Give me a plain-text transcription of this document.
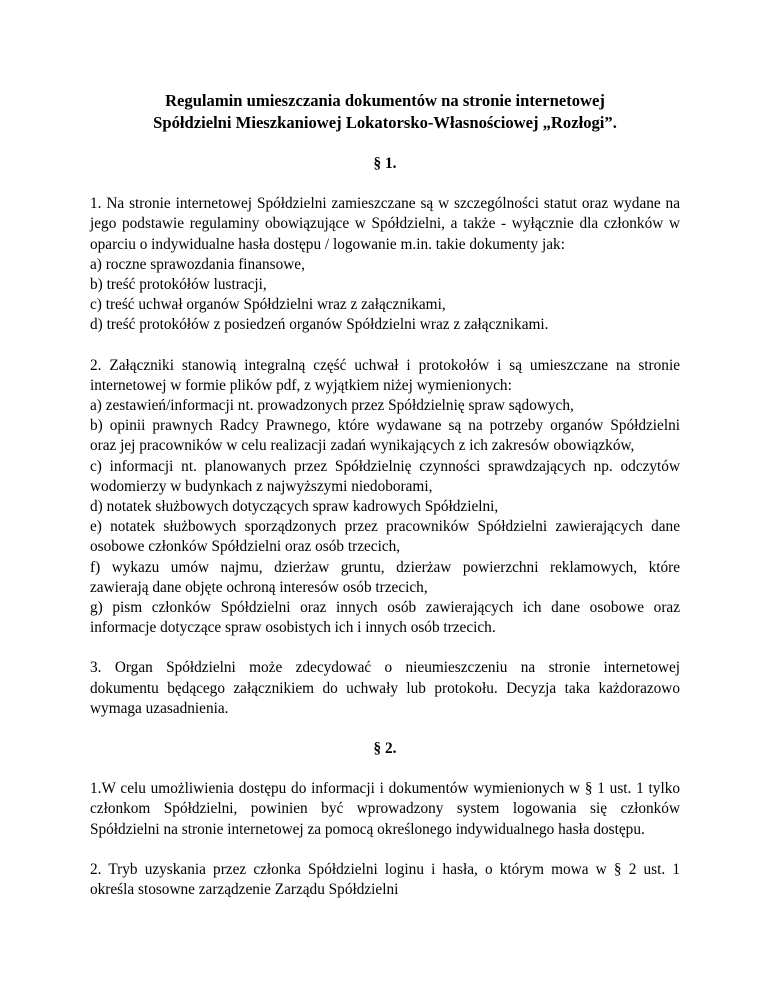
Regulamin umieszczania dokumentów na stronie internetowej
Spółdzielni Mieszkaniowej Lokatorsko-Własnościowej „Rozłogi”.

§ 1.

1. Na stronie internetowej Spółdzielni zamieszczane są w szczególności statut oraz wydane na
jego podstawie regulaminy obowiązujące w Spółdzielni, a także - wyłącznie dla członków w
oparciu o indywidualne hasła dostępu / logowanie m.in. takie dokumenty jak:
a) roczne sprawozdania finansowe,
b) treść protokółów lustracji,
c) treść uchwał organów Spółdzielni wraz z załącznikami,
d) treść protokółów z posiedzeń organów Spółdzielni wraz z załącznikami.
2. Załączniki stanowią integralną część uchwał i protokołów i są umieszczane na stronie
internetowej w formie plików pdf, z wyjątkiem niżej wymienionych:
a) zestawień/informacji nt. prowadzonych przez Spółdzielnię spraw sądowych,
b) opinii prawnych Radcy Prawnego, które wydawane są na potrzeby organów Spółdzielni
oraz jej pracowników w celu realizacji zadań wynikających z ich zakresów obowiązków,
c) informacji nt. planowanych przez Spółdzielnię czynności sprawdzających np. odczytów
wodomierzy w budynkach z najwyższymi niedoborami,
d) notatek służbowych dotyczących spraw kadrowych Spółdzielni,
e) notatek służbowych sporządzonych przez pracowników Spółdzielni zawierających dane
osobowe członków Spółdzielni oraz osób trzecich,
f) wykazu umów najmu, dzierżaw gruntu, dzierżaw powierzchni reklamowych, które
zawierają dane objęte ochroną interesów osób trzecich,
g) pism członków Spółdzielni oraz innych osób zawierających ich dane osobowe oraz
informacje dotyczące spraw osobistych ich i innych osób trzecich.
3. Organ Spółdzielni może zdecydować o nieumieszczeniu na stronie internetowej
dokumentu będącego załącznikiem do uchwały lub protokołu. Decyzja taka każdorazowo
wymaga uzasadnienia.

§ 2.

1.W celu umożliwienia dostępu do informacji i dokumentów wymienionych w § 1 ust. 1 tylko
członkom Spółdzielni, powinien być wprowadzony system logowania się członków
Spółdzielni na stronie internetowej za pomocą określonego indywidualnego hasła dostępu.
2. Tryb uzyskania przez członka Spółdzielni loginu i hasła, o którym mowa w § 2 ust. 1
określa stosowne zarządzenie Zarządu Spółdzielni
